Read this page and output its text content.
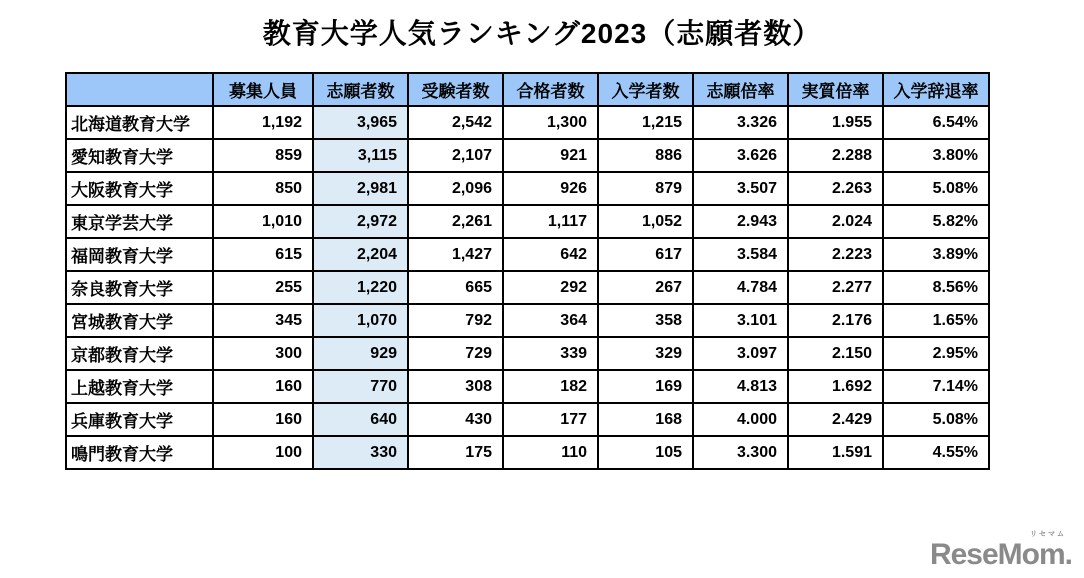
教育大学人気ランキング2023（志願者数）
	募集人員	志願者数	受験者数	合格者数	入学者数	志願倍率	実質倍率	入学辞退率
北海道教育大学	1,192	3,965	2,542	1,300	1,215	3.326	1.955	6.54%
愛知教育大学	859	3,115	2,107	921	886	3.626	2.288	3.80%
大阪教育大学	850	2,981	2,096	926	879	3.507	2.263	5.08%
東京学芸大学	1,010	2,972	2,261	1,117	1,052	2.943	2.024	5.82%
福岡教育大学	615	2,204	1,427	642	617	3.584	2.223	3.89%
奈良教育大学	255	1,220	665	292	267	4.784	2.277	8.56%
宮城教育大学	345	1,070	792	364	358	3.101	2.176	1.65%
京都教育大学	300	929	729	339	329	3.097	2.150	2.95%
上越教育大学	160	770	308	182	169	4.813	1.692	7.14%
兵庫教育大学	160	640	430	177	168	4.000	2.429	5.08%
鳴門教育大学	100	330	175	110	105	3.300	1.591	4.55%
リセマム
ReseMom.
